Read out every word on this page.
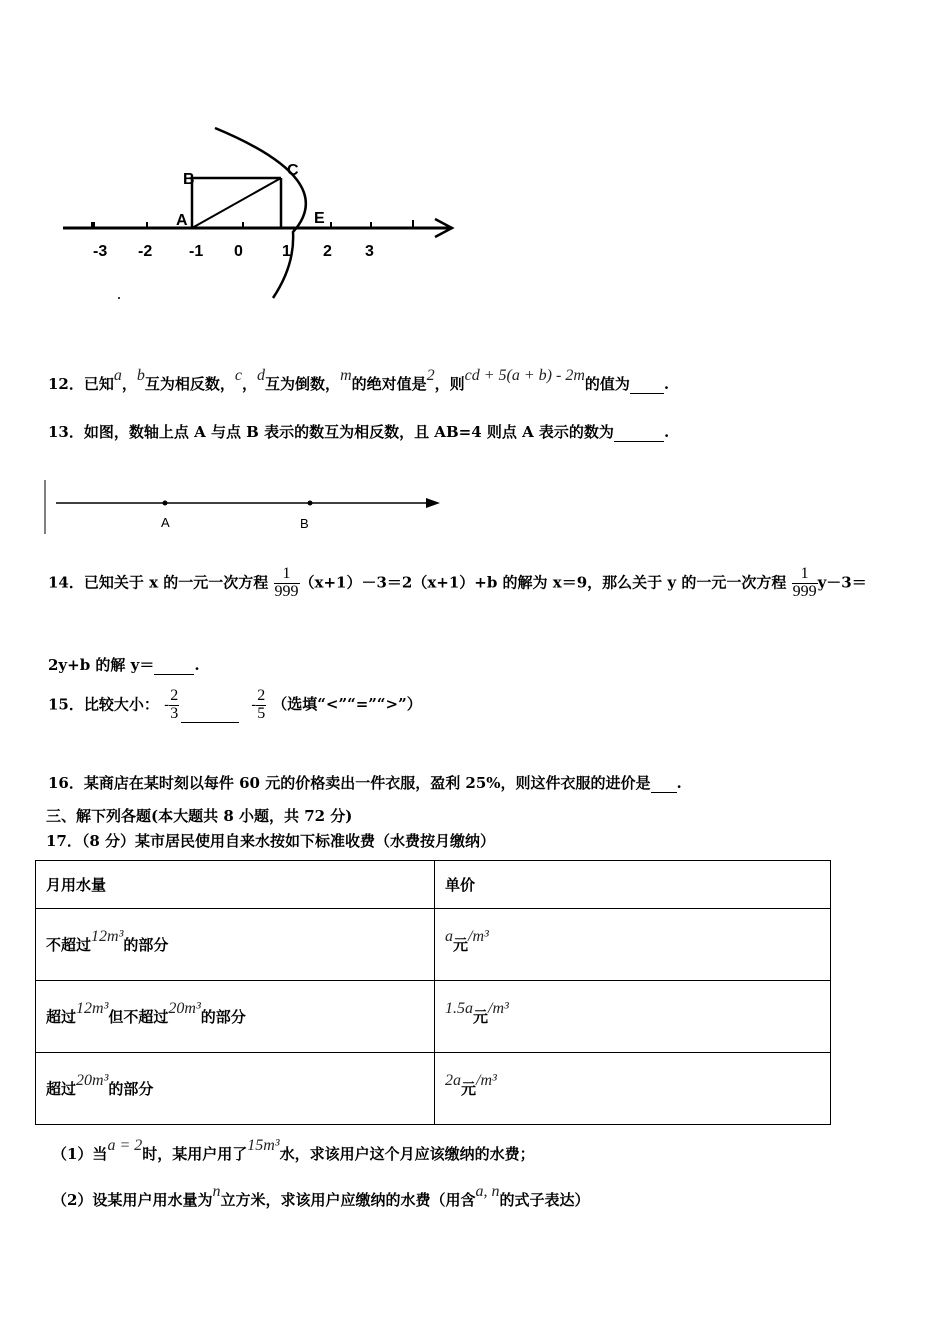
B
C
A	E
-3 -2 -1 0 1 2 3
12．已知a，b互为相反数，c，d互为倒数，m的绝对值是2，则cd + 5(a + b) - 2m的值为 .
13．如图，数轴上点 A 与点 B 表示的数互为相反数，且 AB=4 则点 A 表示的数为	.
A	B
14．已知关于 x 的一元一次方程 $\frac{1}{999} (x+1)-3=2(x+1)+b$ 的解为 x＝9，那么关于 y 的一元一次方程 $\frac{1}{999} y-3=$
2y+b 的解 y＝	.
15．比较大小： - $\frac{2}{3}$	- $\frac{2}{5}$ （选填“<”“=”“>”）
16．某商店在某时刻以每件 60 元的价格卖出一件衣服，盈利 25%，则这件衣服的进价是 .
三、解下列各题(本大题共 8 小题，共 72 分)
17．（8 分）某市居民使用自来水按如下标准收费（水费按月缴纳）
月用水量	单价
不超过12m³的部分	a元/m³
超过12m³但不超过20m³的部分	1.5a元/m³
超过20m³的部分	2a元/m³
（1）当a = 2时，某用户用了15m³水，求该用户这个月应该缴纳的水费；
（2）设某用户用水量为n立方米，求该用户应缴纳的水费（用含a, n的式子表达）
